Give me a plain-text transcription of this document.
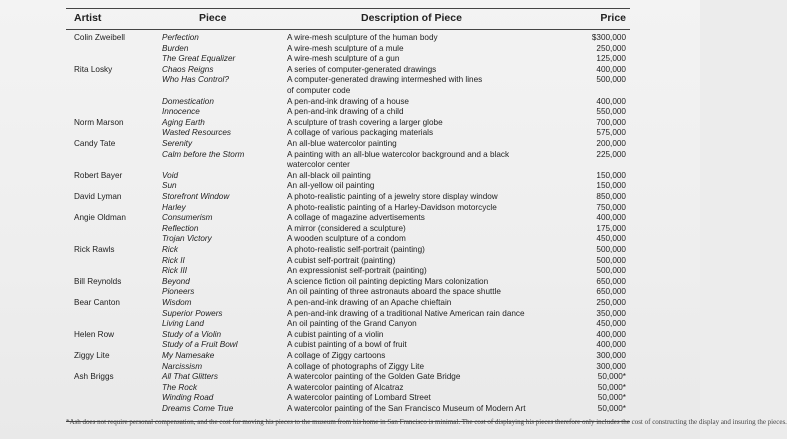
Artist	Piece	Description of Piece	Price
Colin Zweibell	Perfection	A wire-mesh sculpture of the human body	$300,000
Burden	A wire-mesh sculpture of a mule	250,000
The Great Equalizer	A wire-mesh sculpture of a gun	125,000
Rita Losky	Chaos Reigns	A series of computer-generated drawings	400,000
Who Has Control?	A computer-generated drawing intermeshed with lines	500,000
of computer code
Domestication	A pen-and-ink drawing of a house	400,000
Innocence	A pen-and-ink drawing of a child	550,000
Norm Marson	Aging Earth	A sculpture of trash covering a larger globe	700,000
Wasted Resources	A collage of various packaging materials	575,000
Candy Tate	Serenity	An all-blue watercolor painting	200,000
Calm before the Storm	A painting with an all-blue watercolor background and a black	225,000
watercolor center
Robert Bayer	Void	An all-black oil painting	150,000
Sun	An all-yellow oil painting	150,000
David Lyman	Storefront Window	A photo-realistic painting of a jewelry store display window	850,000
Harley	A photo-realistic painting of a Harley-Davidson motorcycle	750,000
Angie Oldman	Consumerism	A collage of magazine advertisements	400,000
Reflection	A mirror (considered a sculpture)	175,000
Trojan Victory	A wooden sculpture of a condom	450,000
Rick Rawls	Rick	A photo-realistic self-portrait (painting)	500,000
Rick II	A cubist self-portrait (painting)	500,000
Rick III	An expressionist self-portrait (painting)	500,000
Bill Reynolds	Beyond	A science fiction oil painting depicting Mars colonization	650,000
Pioneers	An oil painting of three astronauts aboard the space shuttle	650,000
Bear Canton	Wisdom	A pen-and-ink drawing of an Apache chieftain	250,000
Superior Powers	A pen-and-ink drawing of a traditional Native American rain dance	350,000
Living Land	An oil painting of the Grand Canyon	450,000
Helen Row	Study of a Violin	A cubist painting of a violin	400,000
Study of a Fruit Bowl	A cubist painting of a bowl of fruit	400,000
Ziggy Lite	My Namesake	A collage of Ziggy cartoons	300,000
Narcissism	A collage of photographs of Ziggy Lite	300,000
Ash Briggs	All That Glitters	A watercolor painting of the Golden Gate Bridge	50,000*
The Rock	A watercolor painting of Alcatraz	50,000*
Winding Road	A watercolor painting of Lombard Street	50,000*
Dreams Come True	A watercolor painting of the San Francisco Museum of Modern Art	50,000*
*Ash does not require personal compensation, and the cost for moving his pieces to the museum from his home in San Francisco is minimal. The cost of displaying his pieces therefore only includes the cost of constructing the display and insuring the pieces.
